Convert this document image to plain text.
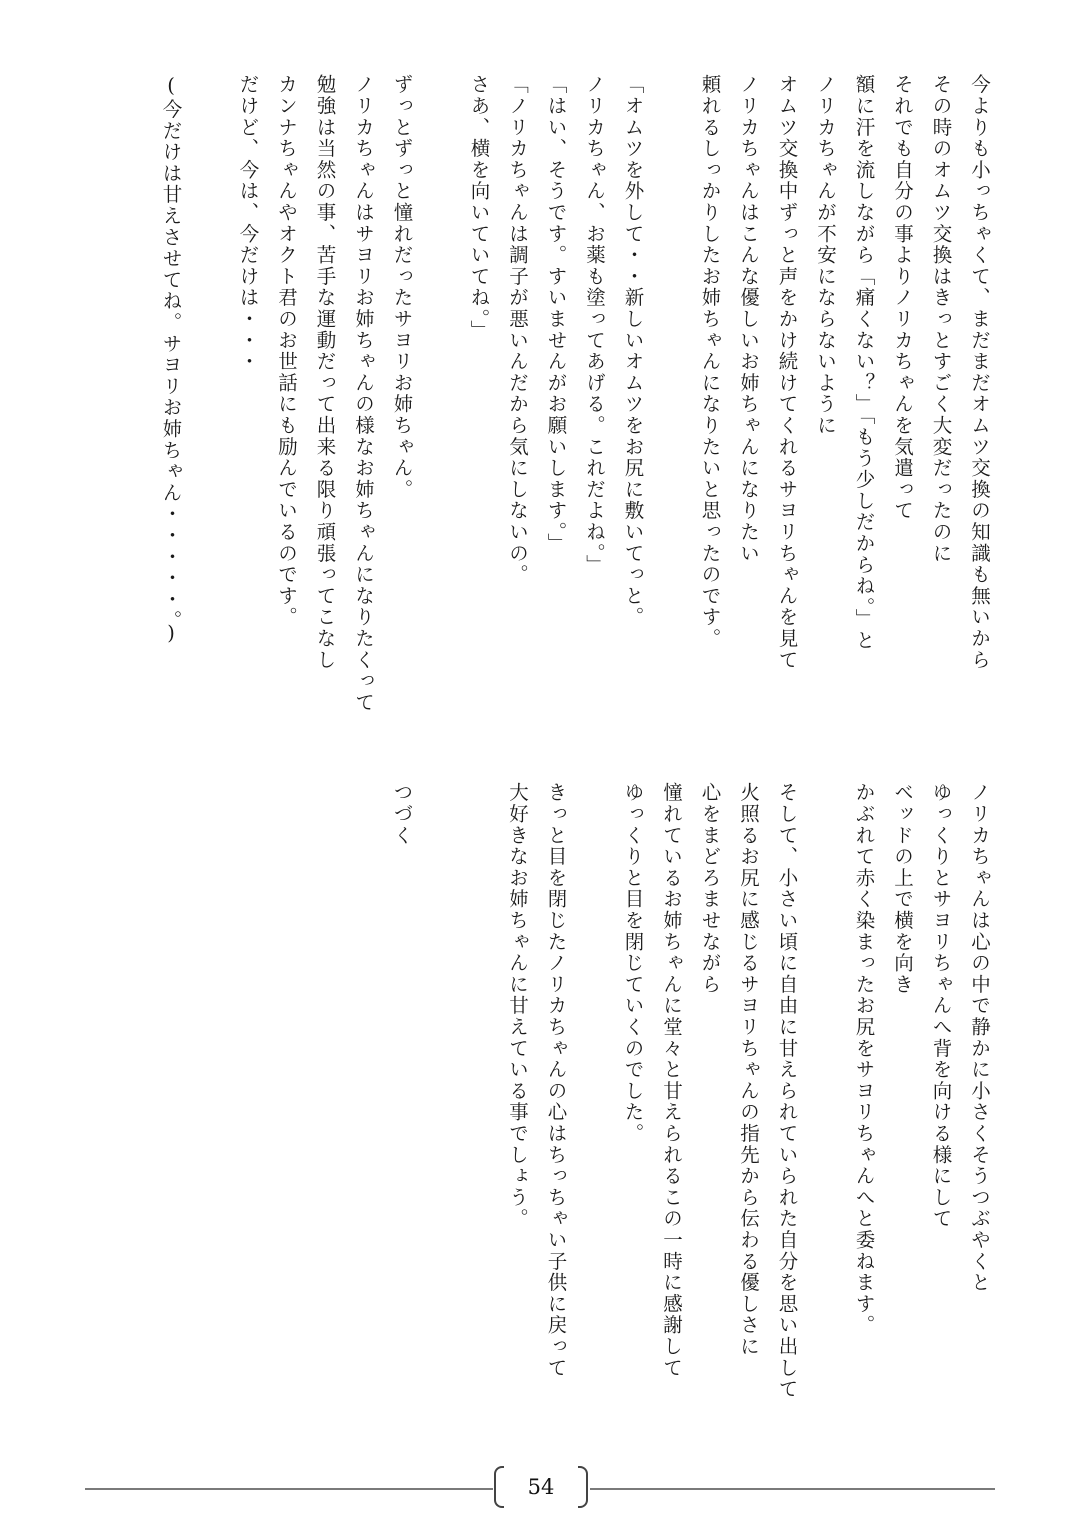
今よりも小っちゃくて、まだまだオムツ交換の知識も無いから
その時のオムツ交換はきっとすごく大変だったのに
それでも自分の事よりノリカちゃんを気遣って
額に汗を流しながら「痛くない？」「もう少しだからね。」と
ノリカちゃんが不安にならないように
オムツ交換中ずっと声をかけ続けてくれるサヨリちゃんを見て
ノリカちゃんはこんな優しいお姉ちゃんになりたい
頼れるしっかりしたお姉ちゃんになりたいと思ったのです。

「オムツを外して・・新しいオムツをお尻に敷いてっと。
ノリカちゃん、お薬も塗ってあげる。これだよね。」
「はい、そうです。すいませんがお願いします。」
「ノリカちゃんは調子が悪いんだから気にしないの。
さあ、横を向いていてね。」

ずっとずっと憧れだったサヨリお姉ちゃん。
ノリカちゃんはサヨリお姉ちゃんの様なお姉ちゃんになりたくって
勉強は当然の事、苦手な運動だって出来る限り頑張ってこなし
カンナちゃんやオクト君のお世話にも励んでいるのです。
だけど、今は、今だけは・・・

(今だけは甘えさせてね。サヨリお姉ちゃん・・・・・。)
ノリカちゃんは心の中で静かに小さくそうつぶやくと
ゆっくりとサヨリちゃんへ背を向ける様にして
ベッドの上で横を向き
かぶれて赤く染まったお尻をサヨリちゃんへと委ねます。

そして、小さい頃に自由に甘えられていられた自分を思い出して
火照るお尻に感じるサヨリちゃんの指先から伝わる優しさに
心をまどろませながら
憧れているお姉ちゃんに堂々と甘えられるこの一時に感謝して
ゆっくりと目を閉じていくのでした。

きっと目を閉じたノリカちゃんの心はちっちゃい子供に戻って
大好きなお姉ちゃんに甘えている事でしょう。

つづく
54
